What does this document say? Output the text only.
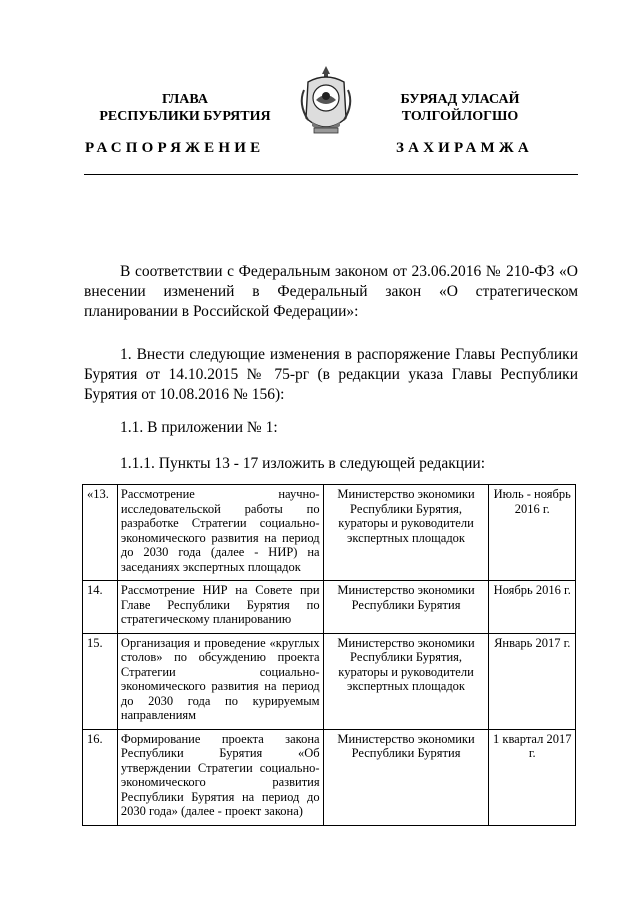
ГЛАВА
РЕСПУБЛИКИ БУРЯТИЯ
БУРЯАД УЛАСАЙ
ТОЛГОЙЛОГШО
РАСПОРЯЖЕНИЕ	ЗАХИРАМЖА
В соответствии с Федеральным законом от 23.06.2016 № 210-ФЗ «О внесении изменений в Федеральный закон «О стратегическом планировании в Российской Федерации»:
1. Внести следующие изменения в распоряжение Главы Республики Бурятия от 14.10.2015 № 75-рг (в редакции указа Главы Республики Бурятия от 10.08.2016 № 156):
1.1. В приложении № 1:
1.1.1. Пункты 13 - 17 изложить в следующей редакции:
«13.	Рассмотрение научно-исследовательской работы по разработке Стратегии социально-экономического развития на период до 2030 года (далее - НИР) на заседаниях экспертных площадок	Министерство экономики Республики Бурятия, кураторы и руководители экспертных площадок	Июль - ноябрь 2016 г.
14.	Рассмотрение НИР на Совете при Главе Республики Бурятия по стратегическому планированию	Министерство экономики Республики Бурятия	Ноябрь 2016 г.
15.	Организация и проведение «круглых столов» по обсуждению проекта Стратегии социально-экономического развития на период до 2030 года по курируемым направлениям	Министерство экономики Республики Бурятия, кураторы и руководители экспертных площадок	Январь 2017 г.
16.	Формирование проекта закона Республики Бурятия «Об утверждении Стратегии социально-экономического развития Республики Бурятия на период до 2030 года» (далее - проект закона)	Министерство экономики Республики Бурятия	1 квартал 2017 г.
